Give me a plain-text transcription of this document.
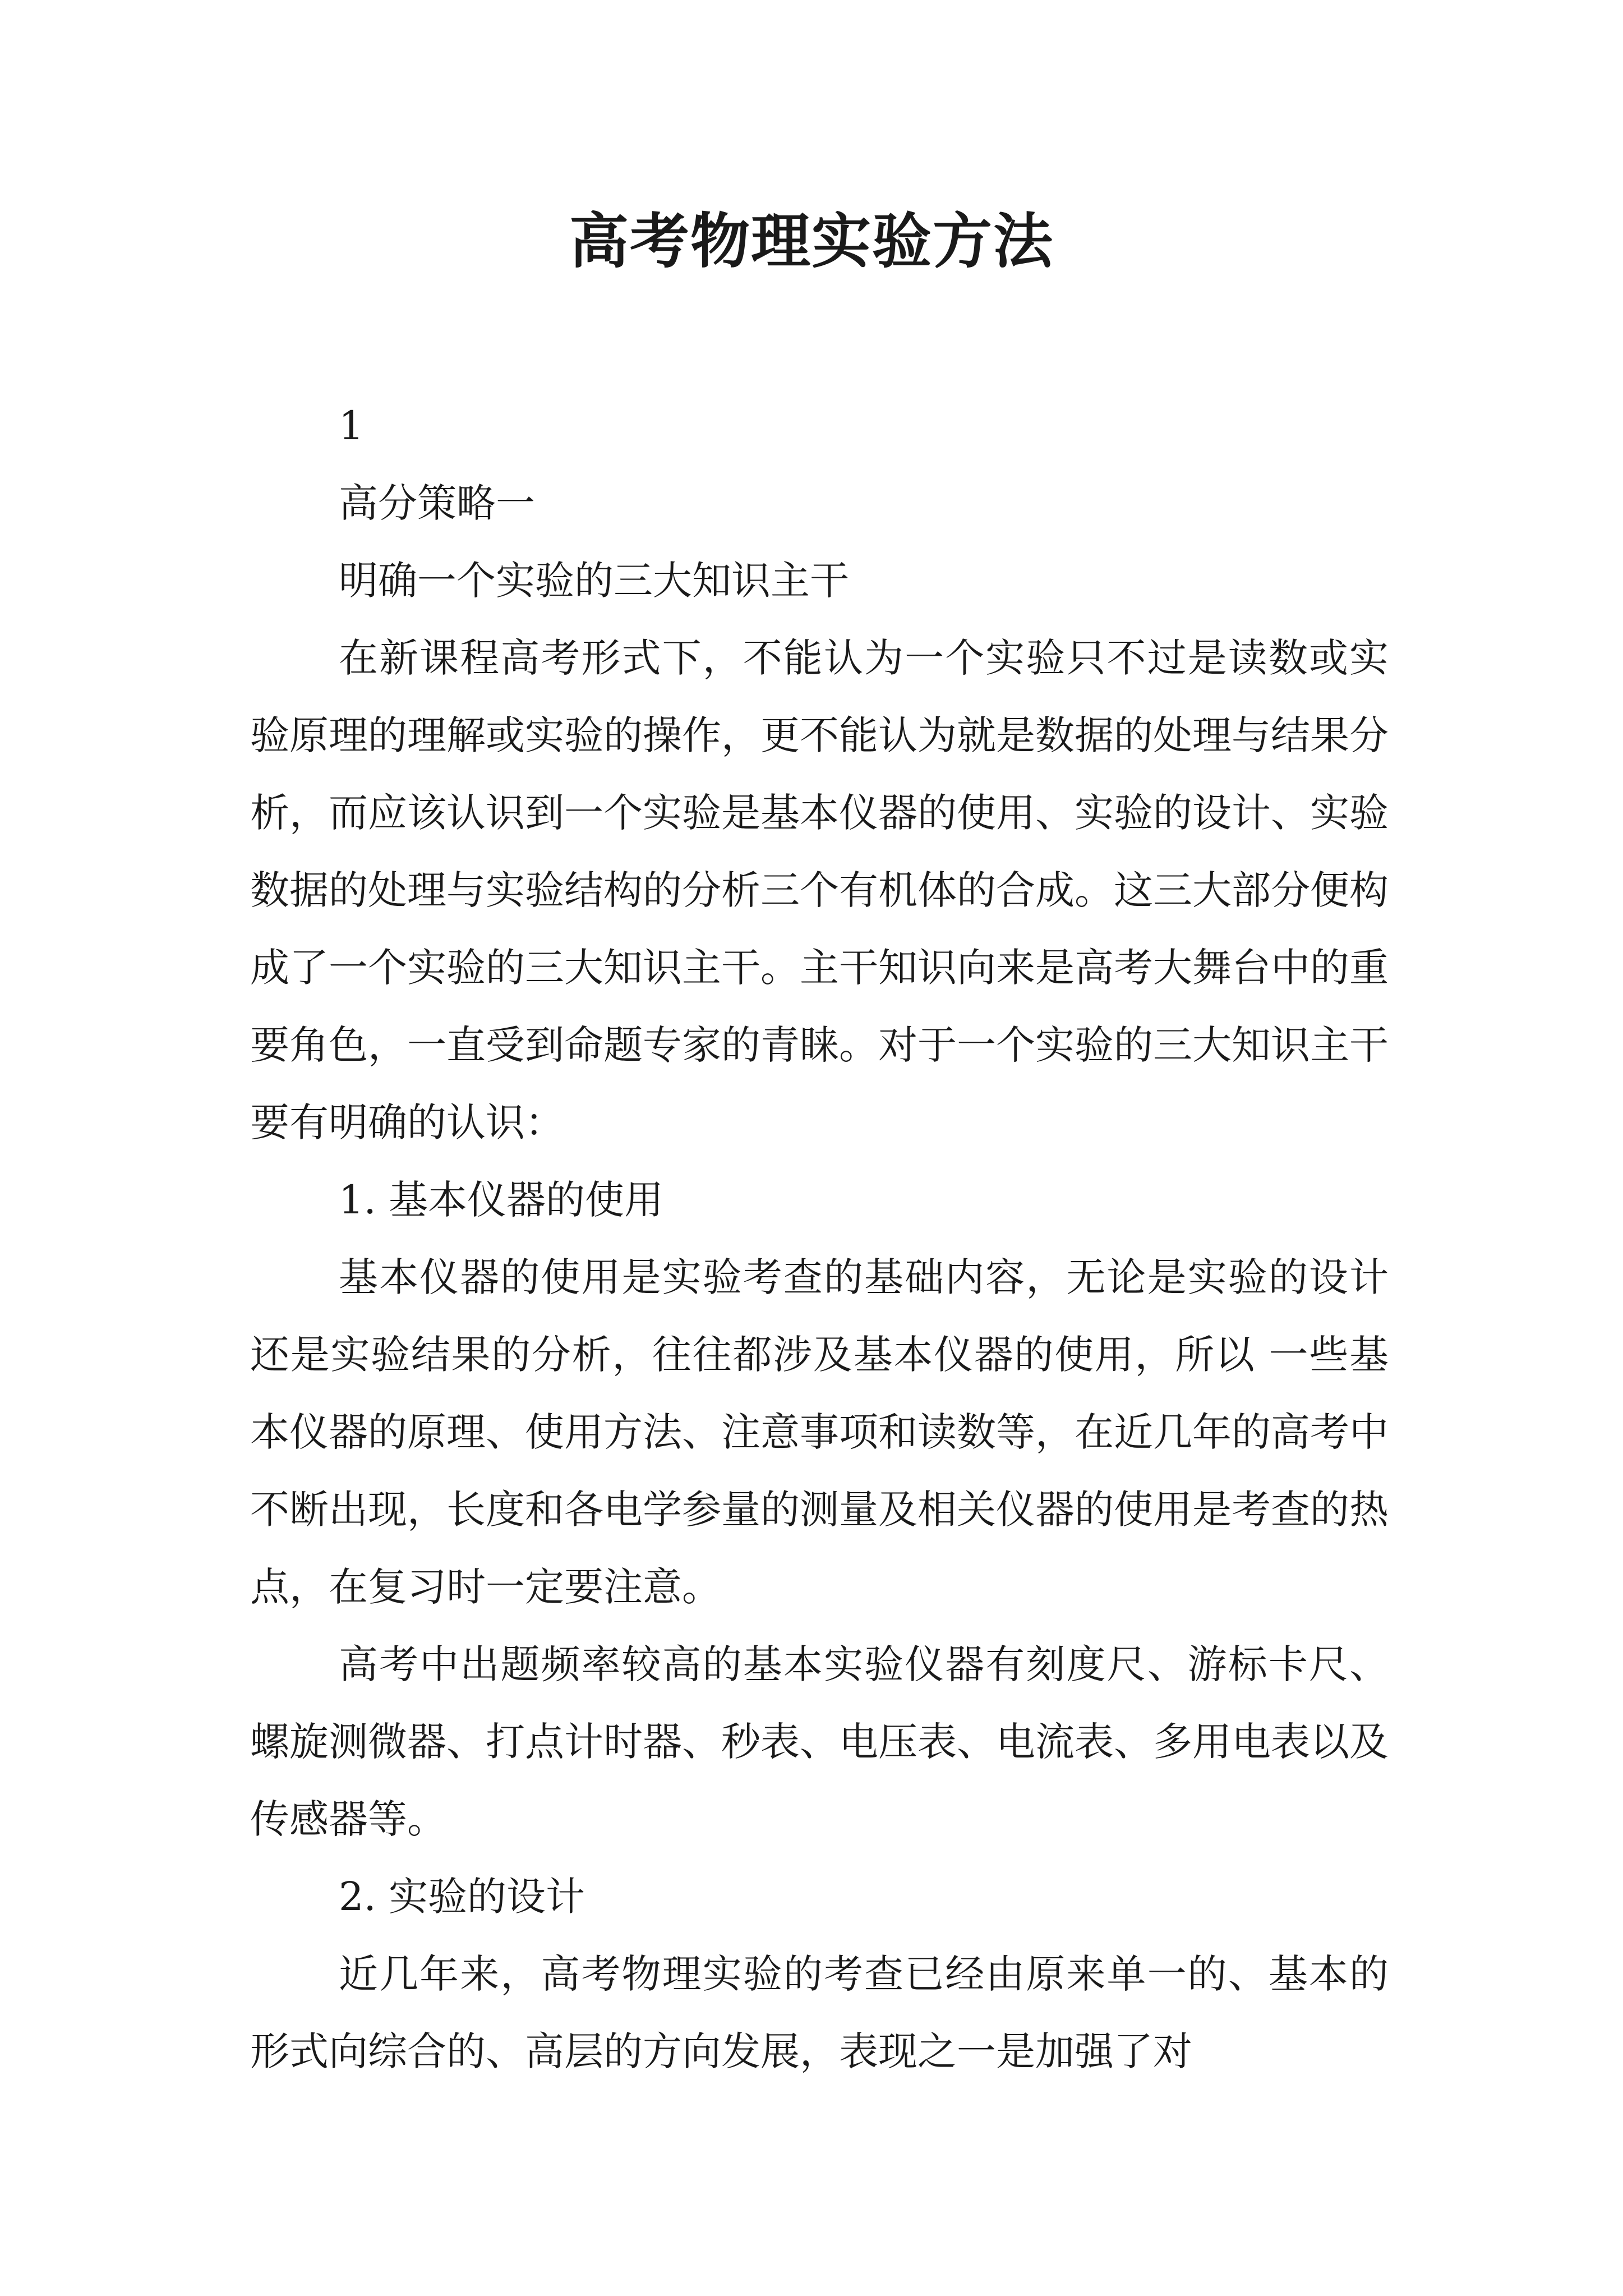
高考物理实验方法

1

高分策略一

明确一个实验的三大知识主干

在新课程高考形式下，不能认为一个实验只不过是读数或实验原理的理解或实验的操作，更不能认为就是数据的处理与结果分析，而应该认识到一个实验是基本仪器的使用、实验的设计、实验数据的处理与实验结构的分析三个有机体的合成。这三大部分便构成了一个实验的三大知识主干。主干知识向来是高考大舞台中的重要角色，一直受到命题专家的青睐。对于一个实验的三大知识主干要有明确的认识：

1. 基本仪器的使用

基本仪器的使用是实验考查的基础内容，无论是实验的设计还是实验结果的分析，往往都涉及基本仪器的使用，所以 一些基本仪器的原理、使用方法、注意事项和读数等，在近几年的高考中不断出现，长度和各电学参量的测量及相关仪器的使用是考查的热点，在复习时一定要注意。

高考中出题频率较高的基本实验仪器有刻度尺、游标卡尺、螺旋测微器、打点计时器、秒表、电压表、电流表、多用电表以及传感器等。

2. 实验的设计

近几年来，高考物理实验的考查已经由原来单一的、基本的形式向综合的、高层的方向发展，表现之一是加强了对
